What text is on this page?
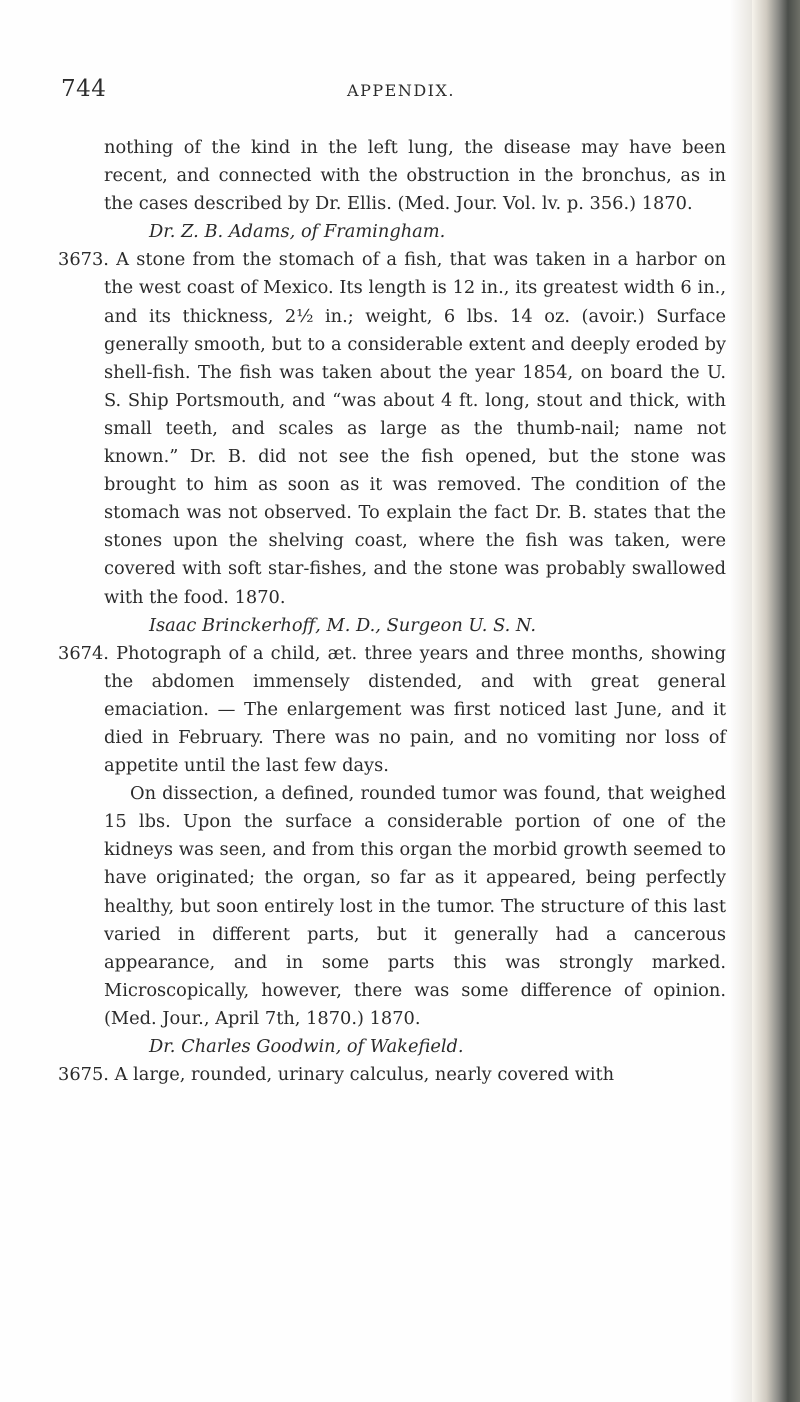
744	APPENDIX.

nothing of the kind in the left lung, the disease may have been recent, and connected with the obstruction in the bronchus, as in the cases described by Dr. Ellis. (Med. Jour. Vol. lv. p. 356.) 1870.

Dr. Z. B. Adams, of Framingham.

3673. A stone from the stomach of a fish, that was taken in a harbor on the west coast of Mexico. Its length is 12 in., its greatest width 6 in., and its thickness, 2½ in.; weight, 6 lbs. 14 oz. (avoir.) Surface generally smooth, but to a considerable extent and deeply eroded by shell-fish. The fish was taken about the year 1854, on board the U. S. Ship Portsmouth, and “was about 4 ft. long, stout and thick, with small teeth, and scales as large as the thumb-nail; name not known.” Dr. B. did not see the fish opened, but the stone was brought to him as soon as it was removed. The condition of the stomach was not observed. To explain the fact Dr. B. states that the stones upon the shelving coast, where the fish was taken, were covered with soft star-fishes, and the stone was probably swallowed with the food. 1870.

Isaac Brinckerhoff, M. D., Surgeon U. S. N.

3674. Photograph of a child, æt. three years and three months, showing the abdomen immensely distended, and with great general emaciation. — The enlargement was first noticed last June, and it died in February. There was no pain, and no vomiting nor loss of appetite until the last few days.

On dissection, a defined, rounded tumor was found, that weighed 15 lbs. Upon the surface a considerable portion of one of the kidneys was seen, and from this organ the morbid growth seemed to have originated; the organ, so far as it appeared, being perfectly healthy, but soon entirely lost in the tumor. The structure of this last varied in different parts, but it generally had a cancerous appearance, and in some parts this was strongly marked. Microscopically, however, there was some difference of opinion. (Med. Jour., April 7th, 1870.) 1870.

Dr. Charles Goodwin, of Wakefield.

3675. A large, rounded, urinary calculus, nearly covered with
